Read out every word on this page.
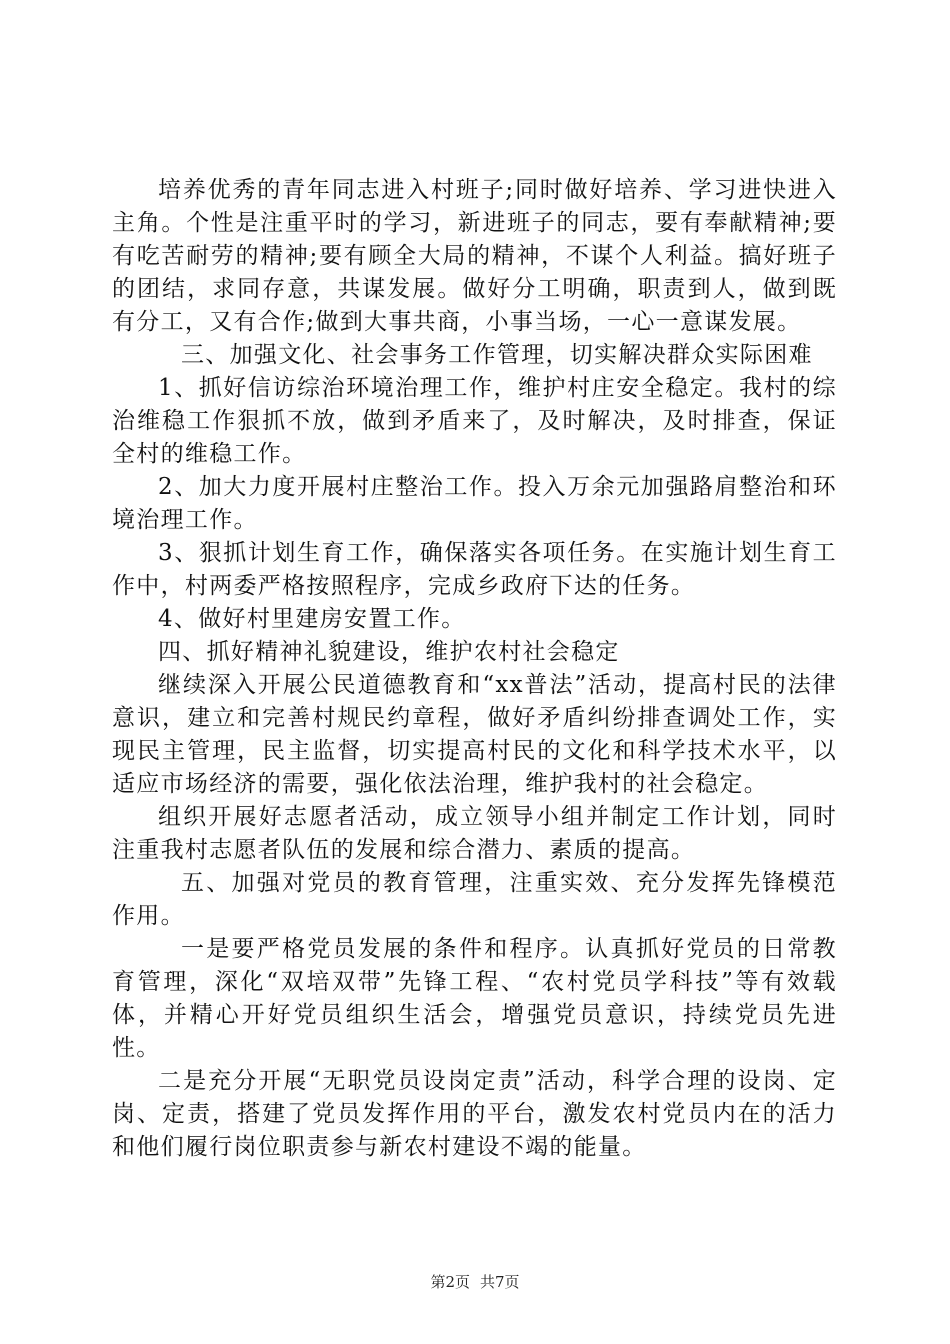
培养优秀的青年同志进入村班子;同时做好培养、学习进快进入主角。个性是注重平时的学习，新进班子的同志，要有奉献精神;要有吃苦耐劳的精神;要有顾全大局的精神，不谋个人利益。搞好班子的团结，求同存意，共谋发展。做好分工明确，职责到人，做到既有分工，又有合作;做到大事共商，小事当场，一心一意谋发展。

三、加强文化、社会事务工作管理，切实解决群众实际困难

1、抓好信访综治环境治理工作，维护村庄安全稳定。我村的综治维稳工作狠抓不放，做到矛盾来了，及时解决，及时排查，保证全村的维稳工作。

2、加大力度开展村庄整治工作。投入万余元加强路肩整治和环境治理工作。

3、狠抓计划生育工作，确保落实各项任务。在实施计划生育工作中，村两委严格按照程序，完成乡政府下达的任务。

4、做好村里建房安置工作。

四、抓好精神礼貌建设，维护农村社会稳定

继续深入开展公民道德教育和“xx普法”活动，提高村民的法律意识，建立和完善村规民约章程，做好矛盾纠纷排查调处工作，实现民主管理，民主监督，切实提高村民的文化和科学技术水平，以适应市场经济的需要，强化依法治理，维护我村的社会稳定。

组织开展好志愿者活动，成立领导小组并制定工作计划，同时注重我村志愿者队伍的发展和综合潜力、素质的提高。

五、加强对党员的教育管理，注重实效、充分发挥先锋模范作用。

一是要严格党员发展的条件和程序。认真抓好党员的日常教育管理，深化“双培双带”先锋工程、“农村党员学科技”等有效载体，并精心开好党员组织生活会，增强党员意识，持续党员先进性。

二是充分开展“无职党员设岗定责”活动，科学合理的设岗、定岗、定责，搭建了党员发挥作用的平台，激发农村党员内在的活力和他们履行岗位职责参与新农村建设不竭的能量。

第2页 共7页
